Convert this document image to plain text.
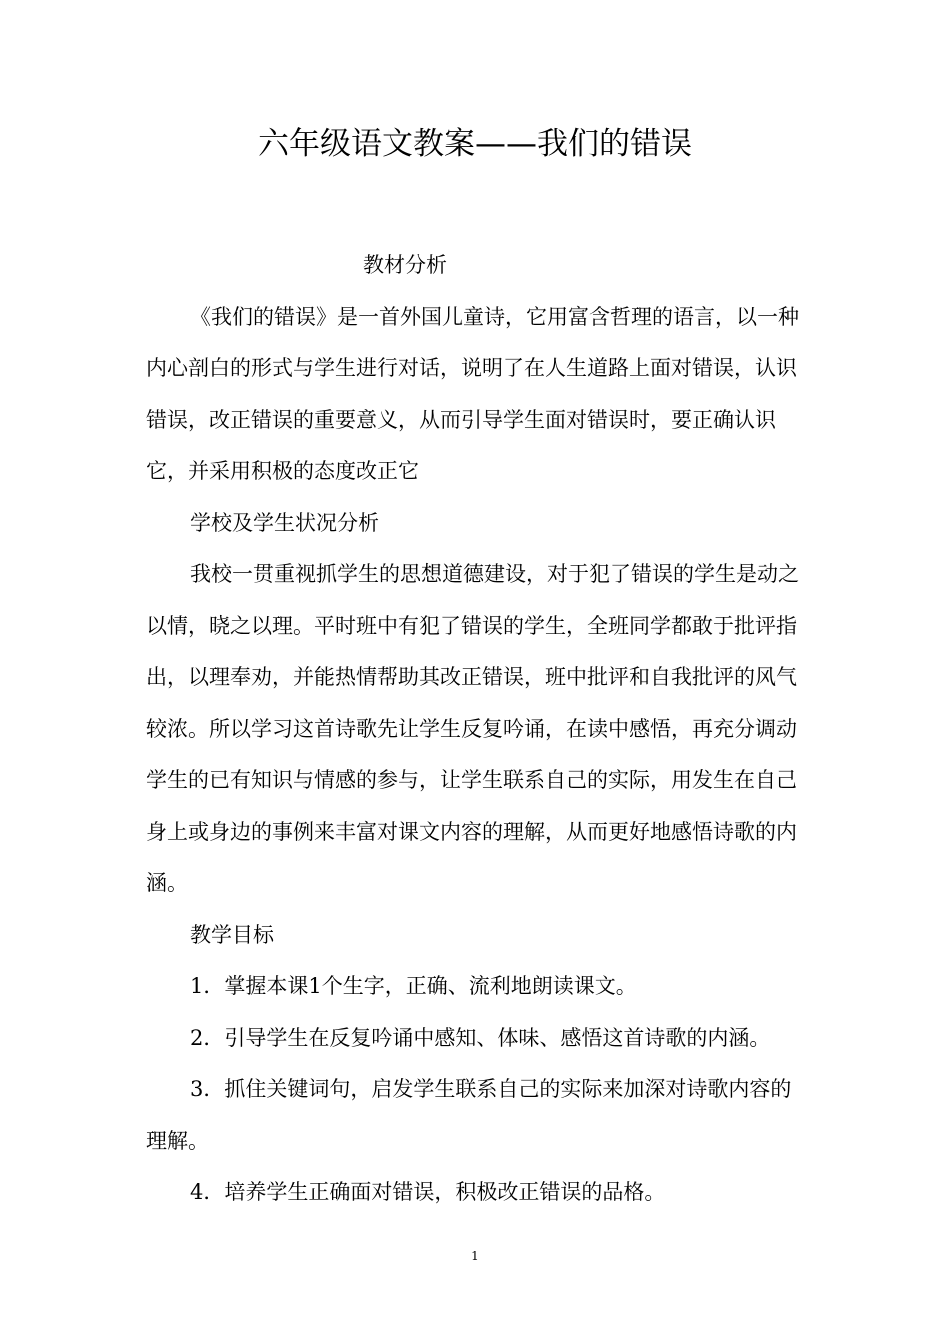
六年级语文教案——我们的错误

教材分析

《我们的错误》是一首外国儿童诗，它用富含哲理的语言，以一种内心剖白的形式与学生进行对话，说明了在人生道路上面对错误，认识错误，改正错误的重要意义，从而引导学生面对错误时，要正确认识它，并采用积极的态度改正它

学校及学生状况分析

我校一贯重视抓学生的思想道德建设，对于犯了错误的学生是动之以情，晓之以理。平时班中有犯了错误的学生，全班同学都敢于批评指出，以理奉劝，并能热情帮助其改正错误，班中批评和自我批评的风气较浓。所以学习这首诗歌先让学生反复吟诵，在读中感悟，再充分调动学生的已有知识与情感的参与，让学生联系自己的实际，用发生在自己身上或身边的事例来丰富对课文内容的理解，从而更好地感悟诗歌的内涵。

教学目标

1．掌握本课1个生字，正确、流利地朗读课文。

2．引导学生在反复吟诵中感知、体味、感悟这首诗歌的内涵。

3．抓住关键词句，启发学生联系自己的实际来加深对诗歌内容的理解。

4．培养学生正确面对错误，积极改正错误的品格。

1
